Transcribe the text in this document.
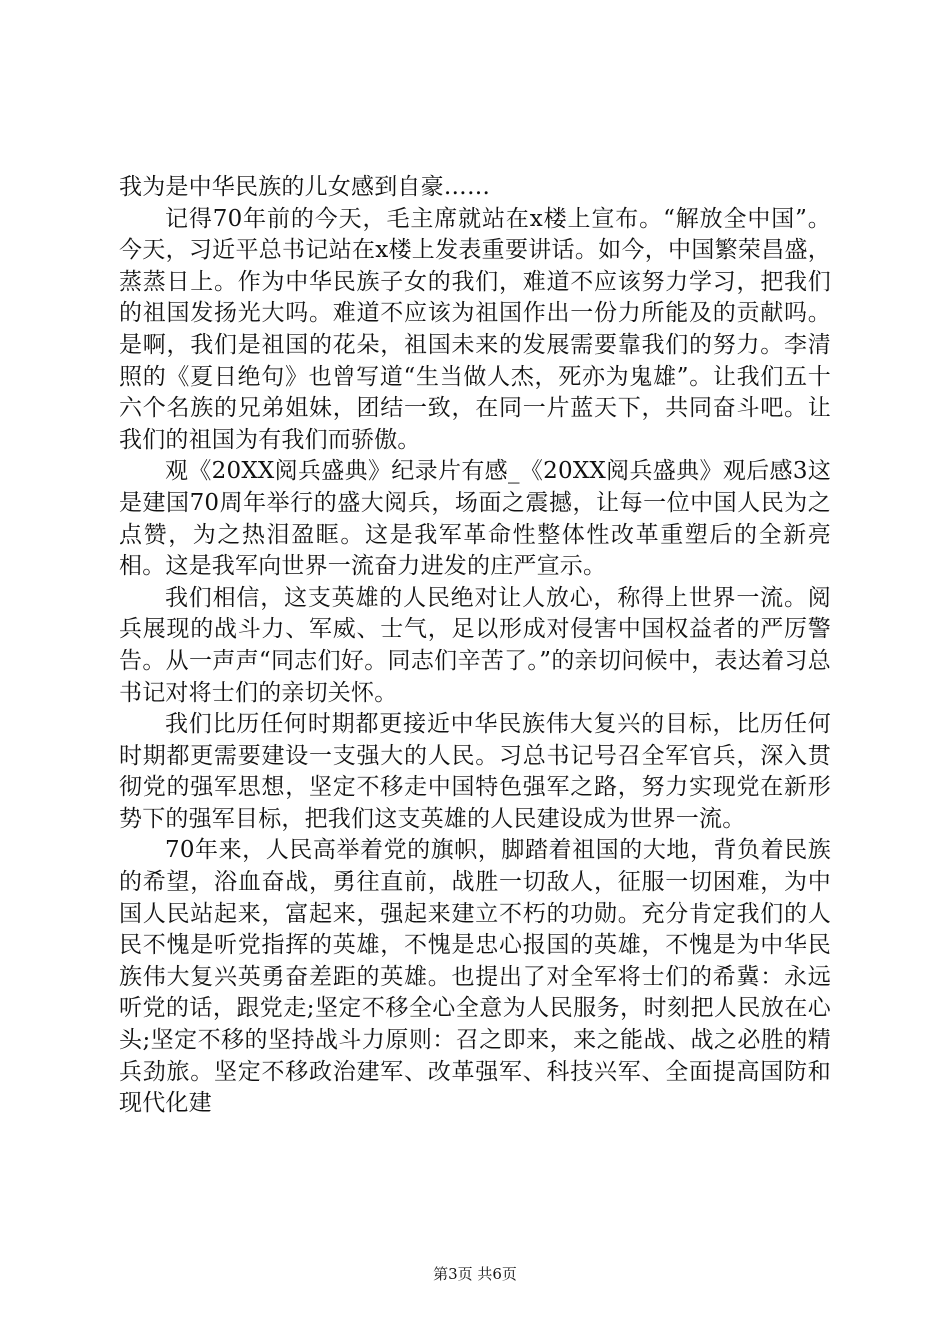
我为是中华民族的儿女感到自豪……

记得70年前的今天，毛主席就站在x楼上宣布。“解放全中国”。今天，习近平总书记站在x楼上发表重要讲话。如今，中国繁荣昌盛，蒸蒸日上。作为中华民族子女的我们，难道不应该努力学习，把我们的祖国发扬光大吗。难道不应该为祖国作出一份力所能及的贡献吗。是啊，我们是祖国的花朵，祖国未来的发展需要靠我们的努力。李清照的《夏日绝句》也曾写道“生当做人杰，死亦为鬼雄”。让我们五十六个名族的兄弟姐妹，团结一致，在同一片蓝天下，共同奋斗吧。让我们的祖国为有我们而骄傲。

观《20XX阅兵盛典》纪录片有感_《20XX阅兵盛典》观后感3这是建国70周年举行的盛大阅兵，场面之震撼，让每一位中国人民为之点赞，为之热泪盈眶。这是我军革命性整体性改革重塑后的全新亮相。这是我军向世界一流奋力进发的庄严宣示。

我们相信，这支英雄的人民绝对让人放心，称得上世界一流。阅兵展现的战斗力、军威、士气，足以形成对侵害中国权益者的严厉警告。从一声声“同志们好。同志们辛苦了。”的亲切问候中，表达着习总书记对将士们的亲切关怀。

我们比历任何时期都更接近中华民族伟大复兴的目标，比历任何时期都更需要建设一支强大的人民。习总书记号召全军官兵，深入贯彻党的强军思想，坚定不移走中国特色强军之路，努力实现党在新形势下的强军目标，把我们这支英雄的人民建设成为世界一流。

70年来，人民高举着党的旗帜，脚踏着祖国的大地，背负着民族的希望，浴血奋战，勇往直前，战胜一切敌人，征服一切困难，为中国人民站起来，富起来，强起来建立不朽的功勋。充分肯定我们的人民不愧是听党指挥的英雄，不愧是忠心报国的英雄，不愧是为中华民族伟大复兴英勇奋差距的英雄。也提出了对全军将士们的希冀：永远听党的话，跟党走;坚定不移全心全意为人民服务，时刻把人民放在心头;坚定不移的坚持战斗力原则：召之即来，来之能战、战之必胜的精兵劲旅。坚定不移政治建军、改革强军、科技兴军、全面提高国防和现代化建

第3页 共6页
